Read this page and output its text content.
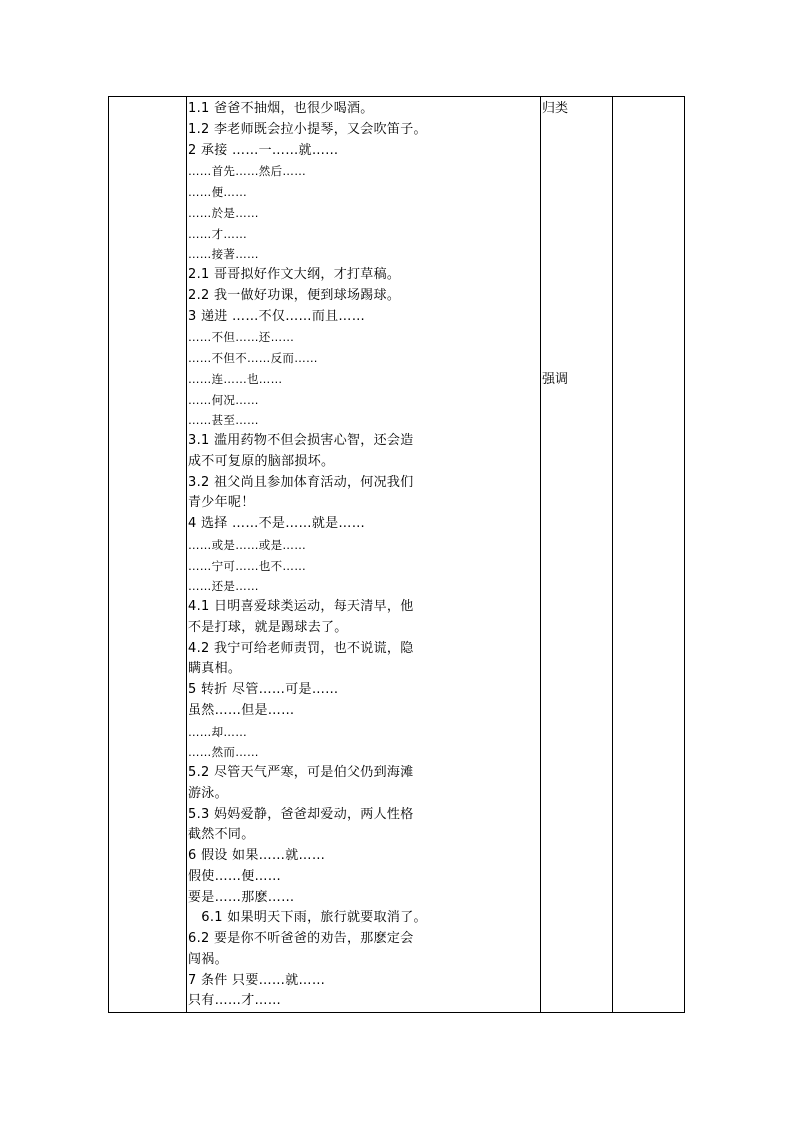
1.1 爸爸不抽烟，也很少喝酒。
1.2 李老师既会拉小提琴，又会吹笛子。
2 承接 ……一……就……
……首先……然后……
……便……
……於是……
……才……
……接著……
2.1 哥哥拟好作文大纲，才打草稿。
2.2 我一做好功课，便到球场踢球。
3 递进 ……不仅……而且……
……不但……还……
……不但不……反而……
……连……也……
……何况……
……甚至……
3.1 滥用药物不但会损害心智，还会造
成不可复原的脑部损坏。
3.2 祖父尚且参加体育活动，何况我们
青少年呢！
4 选择 ……不是……就是……
……或是……或是……
……宁可……也不……
……还是……
4.1 日明喜爱球类运动，每天清早，他
不是打球，就是踢球去了。
4.2 我宁可给老师责罚，也不说谎，隐
瞒真相。
5 转折 尽管……可是……
虽然……但是……
……却……
……然而……
5.2 尽管天气严寒，可是伯父仍到海滩
游泳。
5.3 妈妈爱静，爸爸却爱动，两人性格
截然不同。
6 假设 如果……就……
假使……便……
要是……那麽……
6.1 如果明天下雨，旅行就要取消了。
6.2 要是你不听爸爸的劝告，那麽定会
闯祸。
7 条件 只要……就……
只有……才……
归类
强调
